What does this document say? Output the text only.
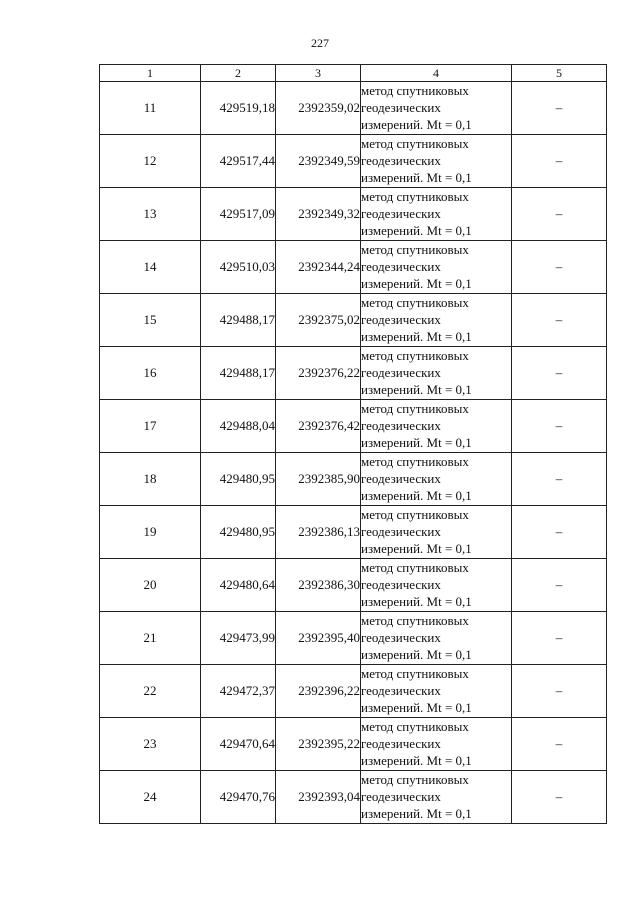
227
1	2	3	4	5
11	429519,18	2392359,02	метод спутниковых
геодезических
измерений. Mt = 0,1	–
12	429517,44	2392349,59	метод спутниковых
геодезических
измерений. Mt = 0,1	–
13	429517,09	2392349,32	метод спутниковых
геодезических
измерений. Mt = 0,1	–
14	429510,03	2392344,24	метод спутниковых
геодезических
измерений. Mt = 0,1	–
15	429488,17	2392375,02	метод спутниковых
геодезических
измерений. Mt = 0,1	–
16	429488,17	2392376,22	метод спутниковых
геодезических
измерений. Mt = 0,1	–
17	429488,04	2392376,42	метод спутниковых
геодезических
измерений. Mt = 0,1	–
18	429480,95	2392385,90	метод спутниковых
геодезических
измерений. Mt = 0,1	–
19	429480,95	2392386,13	метод спутниковых
геодезических
измерений. Mt = 0,1	–
20	429480,64	2392386,30	метод спутниковых
геодезических
измерений. Mt = 0,1	–
21	429473,99	2392395,40	метод спутниковых
геодезических
измерений. Mt = 0,1	–
22	429472,37	2392396,22	метод спутниковых
геодезических
измерений. Mt = 0,1	–
23	429470,64	2392395,22	метод спутниковых
геодезических
измерений. Mt = 0,1	–
24	429470,76	2392393,04	метод спутниковых
геодезических
измерений. Mt = 0,1	–
